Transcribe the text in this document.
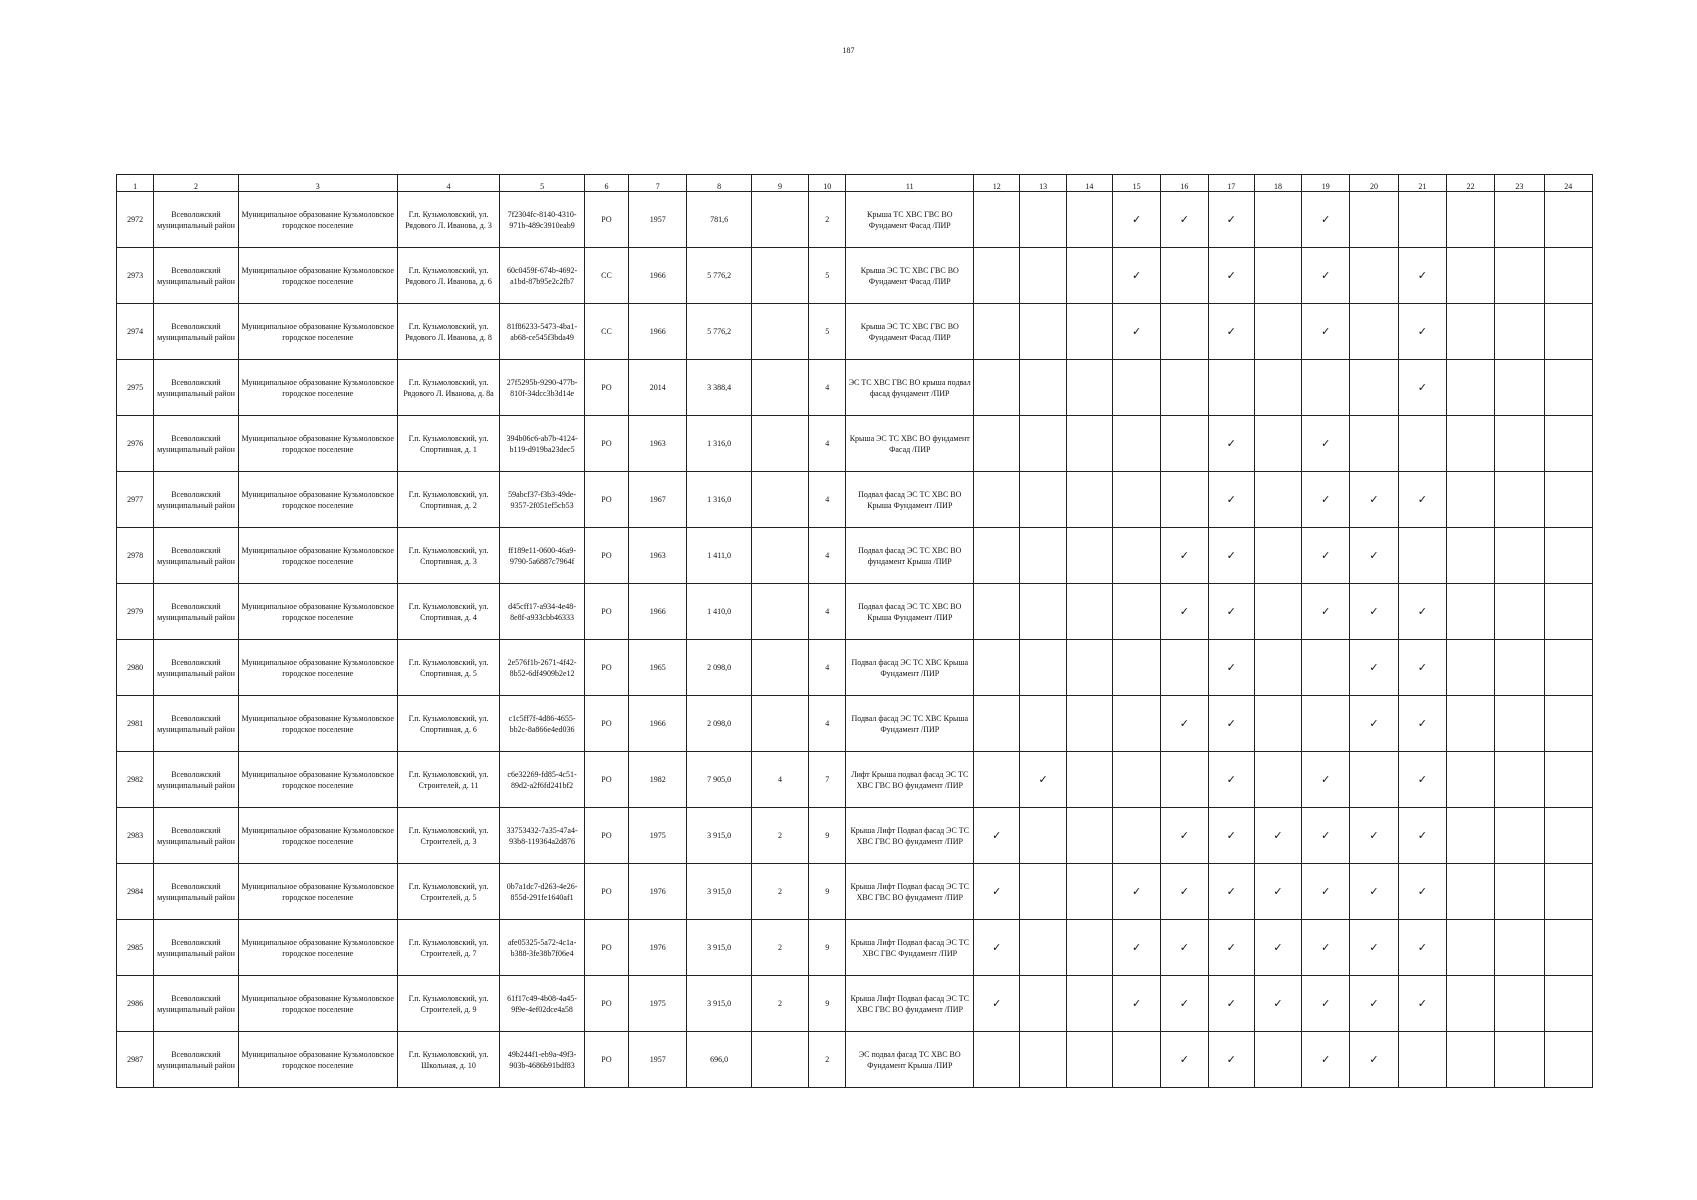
187
1	2	3	4	5	6	7	8	9	10	11	12	13	14	15	16	17	18	19	20	21	22	23	24
2972	Всеволожский муниципальный район	Муниципальное образование Кузьмоловское городское поселение	Г.п. Кузьмоловский, ул. Рядового Л. Иванова, д. 3	7f2304fc-8140-4310-971b-489c3910eab9	РО	1957	781,6		2	Крыша ТС ХВС ГВС ВО Фундамент Фасад /ПИР				✓	✓	✓		✓					
2973	Всеволожский муниципальный район	Муниципальное образование Кузьмоловское городское поселение	Г.п. Кузьмоловский, ул. Рядового Л. Иванова, д. 6	60c0459f-674b-4692-a1bd-87b95e2c2fb7	СС	1966	5 776,2		5	Крыша ЭС ТС ХВС ГВС ВО Фундамент Фасад /ПИР				✓		✓		✓		✓			
2974	Всеволожский муниципальный район	Муниципальное образование Кузьмоловское городское поселение	Г.п. Кузьмоловский, ул. Рядового Л. Иванова, д. 8	81f86233-5473-4ba1-ab68-ce545f3bda49	СС	1966	5 776,2		5	Крыша ЭС ТС ХВС ГВС ВО Фундамент Фасад /ПИР				✓		✓		✓		✓			
2975	Всеволожский муниципальный район	Муниципальное образование Кузьмоловское городское поселение	Г.п. Кузьмоловский, ул. Рядового Л. Иванова, д. 8а	27f5295b-9290-477b-810f-34dcc3b3d14e	РО	2014	3 388,4		4	ЭС ТС ХВС ГВС ВО крыша подвал фасад фундамент /ПИР										✓			
2976	Всеволожский муниципальный район	Муниципальное образование Кузьмоловское городское поселение	Г.п. Кузьмоловский, ул. Спортивная, д. 1	394b06c6-ab7b-4124-b119-d919ba23dec5	РО	1963	1 316,0		4	Крыша ЭС ТС ХВС ВО фундамент Фасад /ПИР						✓		✓					
2977	Всеволожский муниципальный район	Муниципальное образование Кузьмоловское городское поселение	Г.п. Кузьмоловский, ул. Спортивная, д. 2	59abcf37-f3b3-49de-9357-2f051ef5cb53	РО	1967	1 316,0		4	Подвал фасад ЭС ТС ХВС ВО Крыша Фундамент /ПИР						✓		✓	✓	✓			
2978	Всеволожский муниципальный район	Муниципальное образование Кузьмоловское городское поселение	Г.п. Кузьмоловский, ул. Спортивная, д. 3	ff189e11-0600-46a9-9790-5a6887c7964f	РО	1963	1 411,0		4	Подвал фасад ЭС ТС ХВС ВО фундамент Крыша /ПИР					✓	✓		✓	✓				
2979	Всеволожский муниципальный район	Муниципальное образование Кузьмоловское городское поселение	Г.п. Кузьмоловский, ул. Спортивная, д. 4	d45cff17-a934-4e48-8e8f-a933cbb46333	РО	1966	1 410,0		4	Подвал фасад ЭС ТС ХВС ВО Крыша Фундамент /ПИР					✓	✓		✓	✓	✓			
2980	Всеволожский муниципальный район	Муниципальное образование Кузьмоловское городское поселение	Г.п. Кузьмоловский, ул. Спортивная, д. 5	2e576f1b-2671-4f42-8b52-6df4909b2e12	РО	1965	2 098,0		4	Подвал фасад ЭС ТС ХВС Крыша Фундамент /ПИР						✓			✓	✓			
2981	Всеволожский муниципальный район	Муниципальное образование Кузьмоловское городское поселение	Г.п. Кузьмоловский, ул. Спортивная, д. 6	c1c5ff7f-4d86-4655-bb2c-8a866e4ed036	РО	1966	2 098,0		4	Подвал фасад ЭС ТС ХВС Крыша Фундамент /ПИР					✓	✓			✓	✓			
2982	Всеволожский муниципальный район	Муниципальное образование Кузьмоловское городское поселение	Г.п. Кузьмоловский, ул. Строителей, д. 11	c6e32269-fd85-4c51-89d2-a2f6fd241bf2	РО	1982	7 905,0	4	7	Лифт Крыша подвал фасад ЭС ТС ХВС ГВС ВО фундамент /ПИР		✓				✓		✓		✓			
2983	Всеволожский муниципальный район	Муниципальное образование Кузьмоловское городское поселение	Г.п. Кузьмоловский, ул. Строителей, д. 3	33753432-7a35-47a4-93b8-119364a2d876	РО	1975	3 915,0	2	9	Крыша Лифт Подвал фасад ЭС ТС ХВС ГВС ВО фундамент /ПИР	✓				✓	✓	✓	✓	✓	✓			
2984	Всеволожский муниципальный район	Муниципальное образование Кузьмоловское городское поселение	Г.п. Кузьмоловский, ул. Строителей, д. 5	0b7a1dc7-d263-4e26-855d-291fe1640af1	РО	1976	3 915,0	2	9	Крыша Лифт Подвал фасад ЭС ТС ХВС ГВС ВО фундамент /ПИР	✓			✓	✓	✓	✓	✓	✓	✓			
2985	Всеволожский муниципальный район	Муниципальное образование Кузьмоловское городское поселение	Г.п. Кузьмоловский, ул. Строителей, д. 7	afe05325-5a72-4c1a-b388-3fe38b7f06e4	РО	1976	3 915,0	2	9	Крыша Лифт Подвал фасад ЭС ТС ХВС ГВС Фундамент /ПИР	✓			✓	✓	✓	✓	✓	✓	✓			
2986	Всеволожский муниципальный район	Муниципальное образование Кузьмоловское городское поселение	Г.п. Кузьмоловский, ул. Строителей, д. 9	61f17c49-4b08-4a45-9f9e-4ef02dce4a58	РО	1975	3 915,0	2	9	Крыша Лифт Подвал фасад ЭС ТС ХВС ГВС ВО фундамент /ПИР	✓			✓	✓	✓	✓	✓	✓	✓			
2987	Всеволожский муниципальный район	Муниципальное образование Кузьмоловское городское поселение	Г.п. Кузьмоловский, ул. Школьная, д. 10	49b244f1-eb9a-49f3-903b-4686b91bdf83	РО	1957	696,0		2	ЭС подвал фасад ТС ХВС ВО Фундамент Крыша /ПИР					✓	✓		✓	✓				
